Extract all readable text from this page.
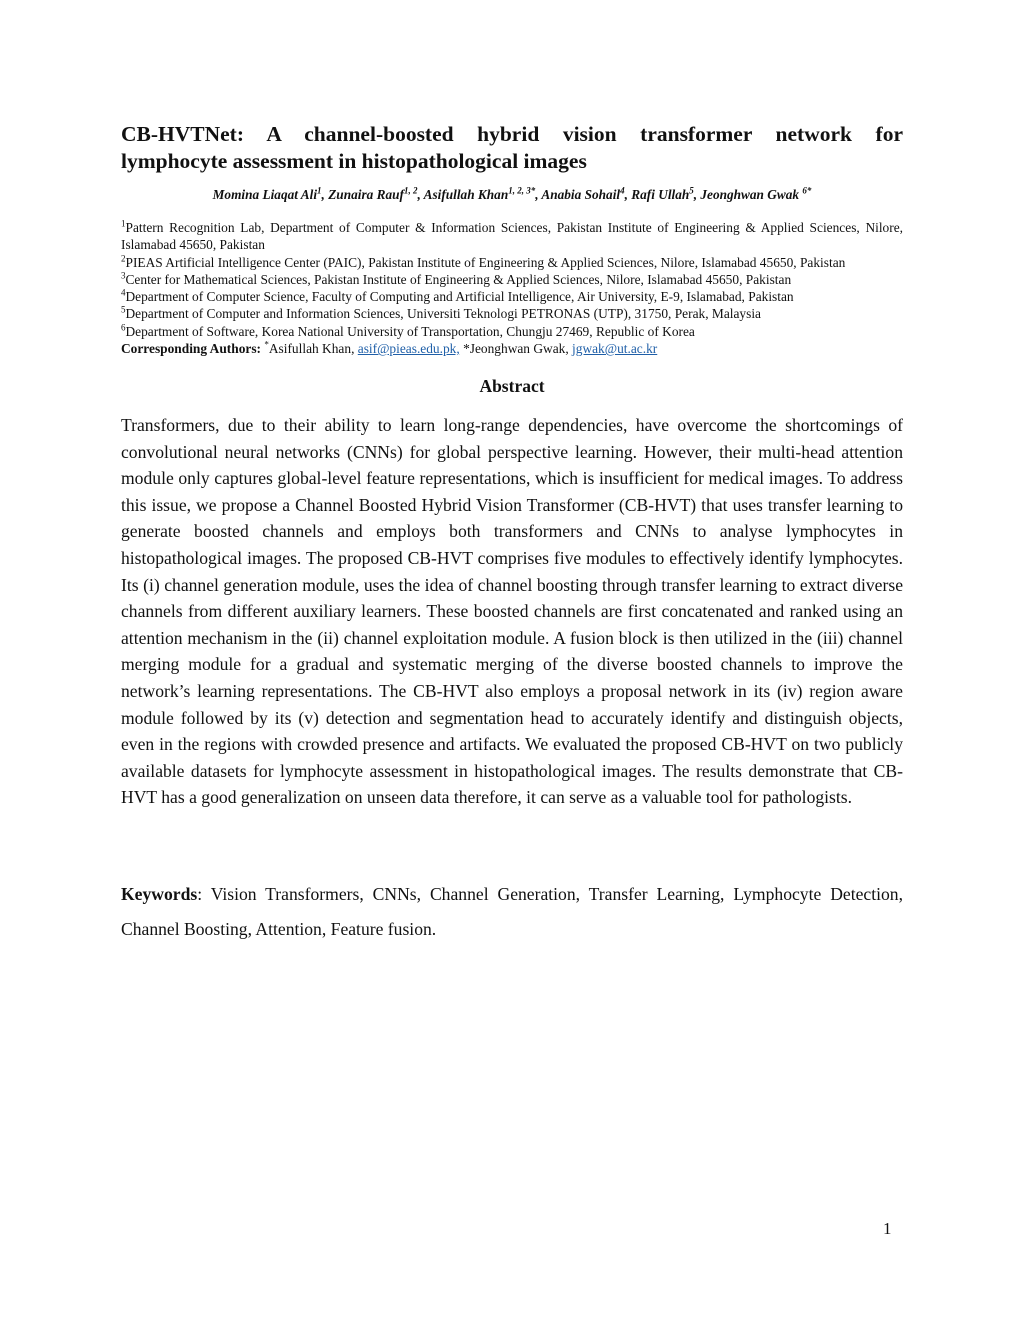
CB-HVTNet: A channel-boosted hybrid vision transformer network for
lymphocyte assessment in histopathological images
Momina Liaqat Ali$^1$, Zunaira Rauf$^{1, 2}$, Asifullah Khan$^{1, 2, 3*}$, Anabia Sohail$^4$, Rafi Ullah$^5$, Jeonghwan Gwak $^{6*}$
$^1$Pattern Recognition Lab, Department of Computer & Information Sciences, Pakistan Institute of Engineering & Applied Sciences, Nilore, Islamabad 45650, Pakistan
$^2$PIEAS Artificial Intelligence Center (PAIC), Pakistan Institute of Engineering & Applied Sciences, Nilore, Islamabad 45650, Pakistan
$^3$Center for Mathematical Sciences, Pakistan Institute of Engineering & Applied Sciences, Nilore, Islamabad 45650, Pakistan
$^4$Department of Computer Science, Faculty of Computing and Artificial Intelligence, Air University, E-9, Islamabad, Pakistan
$^5$Department of Computer and Information Sciences, Universiti Teknologi PETRONAS (UTP), 31750, Perak, Malaysia
$^6$Department of Software, Korea National University of Transportation, Chungju 27469, Republic of Korea
Corresponding Authors: *Asifullah Khan, asif@pieas.edu.pk, *Jeonghwan Gwak, jgwak@ut.ac.kr
Abstract

Transformers, due to their ability to learn long-range dependencies, have overcome the shortcomings of convolutional neural networks (CNNs) for global perspective learning. However, their multi-head attention module only captures global-level feature representations, which is insufficient for medical images. To address this issue, we propose a Channel Boosted Hybrid Vision Transformer (CB-HVT) that uses transfer learning to generate boosted channels and employs both transformers and CNNs to analyse lymphocytes in histopathological images. The proposed CB-HVT comprises five modules to effectively identify lymphocytes. Its (i) channel generation module, uses the idea of channel boosting through transfer learning to extract diverse channels from different auxiliary learners. These boosted channels are first concatenated and ranked using an attention mechanism in the (ii) channel exploitation module. A fusion block is then utilized in the (iii) channel merging module for a gradual and systematic merging of the diverse boosted channels to improve the network’s learning representations. The CB-HVT also employs a proposal network in its (iv) region aware module followed by its (v) detection and segmentation head to accurately identify and distinguish objects, even in the regions with crowded presence and artifacts. We evaluated the proposed CB-HVT on two publicly available datasets for lymphocyte assessment in histopathological images. The results demonstrate that CB-HVT has a good generalization on unseen data therefore, it can serve as a valuable tool for pathologists.

Keywords: Vision Transformers, CNNs, Channel Generation, Transfer Learning, Lymphocyte Detection, Channel Boosting, Attention, Feature fusion.

1
